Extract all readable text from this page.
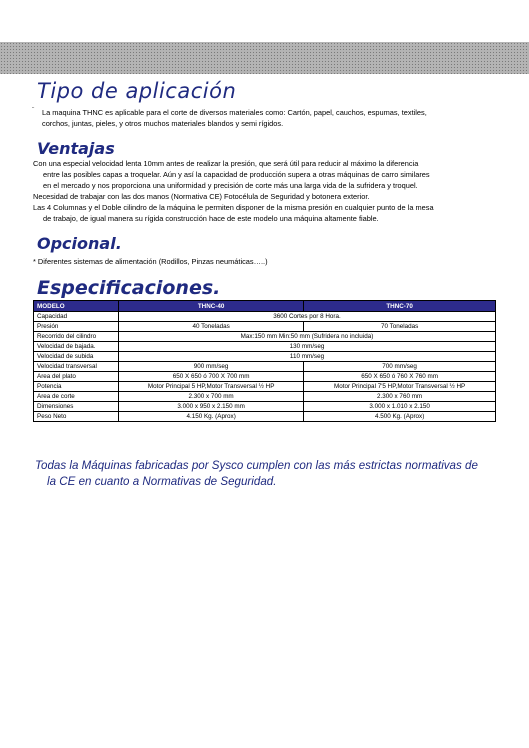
Tipo de aplicación
¨ La maquina THNC es aplicable para el corte de diversos materiales como: Cartón, papel, cauchos, espumas, textiles,
corchos, juntas, pieles, y otros muchos materiales blandos y semi rígidos.
Ventajas
Con una especial velocidad lenta 10mm antes de realizar la presión, que será útil para reducir al máximo la diferencia
entre las posibles capas a troquelar. Aún y así la capacidad de producción supera a otras máquinas de carro similares
en el mercado y nos proporciona una uniformidad y precisión de corte más una larga vida de la sufridera y troquel.
Necesidad de trabajar con las dos manos (Normativa CE) Fotocélula de Seguridad y botonera exterior.
Las 4 Columnas y el Doble cilindro de la máquina le permiten disponer de la misma presión en cualquier punto de la mesa
de trabajo, de igual manera su rígida construcción hace de este modelo una máquina altamente fiable.
Opcional.
* Diferentes sistemas de alimentación (Rodillos, Pinzas neumáticas…..)
Especificaciones.
MODELO	THNC-40	THNC-70
Capacidad	3600 Cortes por 8 Hora.	
Presión	40 Toneladas	70 Toneladas
Recorrido del cilindro	Max:150 mm Min:50 mm (Sufridera no incluida)	
Velocidad de bajada.	130 mm/seg	
Velocidad de subida	110 mm/seg	
Velocidad transversal	900 mm/seg	700 mm/seg
Area del plato	650 X 650 ó 700 X 700 mm	650 X 650 ó 760 X 760 mm
Potencia	Motor Principal 5 HP,Motor Transversal ½ HP	Motor Principal 7'5 HP,Motor Transversal ½ HP
Area de corte	2.300 x 700 mm	2.300 x 760 mm
Dimensiones	3.000 x 950 x 2.150 mm	3.000 x 1.010 x 2.150
Peso Neto	4.150 Kg. (Aprox)	4.500 Kg. (Aprox)
Todas la Máquinas fabricadas por Sysco cumplen con las más estrictas normativas de
la CE en cuanto a Normativas de Seguridad.
